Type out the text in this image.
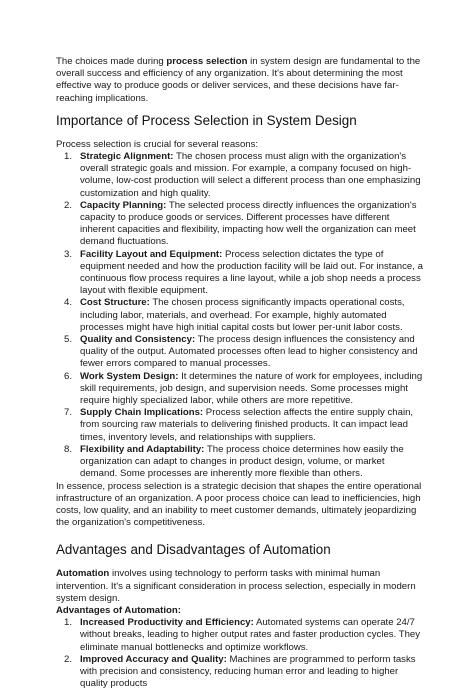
The choices made during process selection in system design are fundamental to the overall success and efficiency of any organization. It's about determining the most effective way to produce goods or deliver services, and these decisions have far-reaching implications.

Importance of Process Selection in System Design

Process selection is crucial for several reasons:

1. Strategic Alignment: The chosen process must align with the organization's overall strategic goals and mission. For example, a company focused on high-volume, low-cost production will select a different process than one emphasizing customization and high quality.
2. Capacity Planning: The selected process directly influences the organization's capacity to produce goods or services. Different processes have different inherent capacities and flexibility, impacting how well the organization can meet demand fluctuations.
3. Facility Layout and Equipment: Process selection dictates the type of equipment needed and how the production facility will be laid out. For instance, a continuous flow process requires a line layout, while a job shop needs a process layout with flexible equipment.
4. Cost Structure: The chosen process significantly impacts operational costs, including labor, materials, and overhead. For example, highly automated processes might have high initial capital costs but lower per-unit labor costs.
5. Quality and Consistency: The process design influences the consistency and quality of the output. Automated processes often lead to higher consistency and fewer errors compared to manual processes.
6. Work System Design: It determines the nature of work for employees, including skill requirements, job design, and supervision needs. Some processes might require highly specialized labor, while others are more repetitive.
7. Supply Chain Implications: Process selection affects the entire supply chain, from sourcing raw materials to delivering finished products. It can impact lead times, inventory levels, and relationships with suppliers.
8. Flexibility and Adaptability: The process choice determines how easily the organization can adapt to changes in product design, volume, or market demand. Some processes are inherently more flexible than others.

In essence, process selection is a strategic decision that shapes the entire operational infrastructure of an organization. A poor process choice can lead to inefficiencies, high costs, low quality, and an inability to meet customer demands, ultimately jeopardizing the organization's competitiveness.

Advantages and Disadvantages of Automation

Automation involves using technology to perform tasks with minimal human intervention. It's a significant consideration in process selection, especially in modern system design.

Advantages of Automation:

1. Increased Productivity and Efficiency: Automated systems can operate 24/7 without breaks, leading to higher output rates and faster production cycles. They eliminate manual bottlenecks and optimize workflows.
2. Improved Accuracy and Quality: Machines are programmed to perform tasks with precision and consistency, reducing human error and leading to higher quality products
